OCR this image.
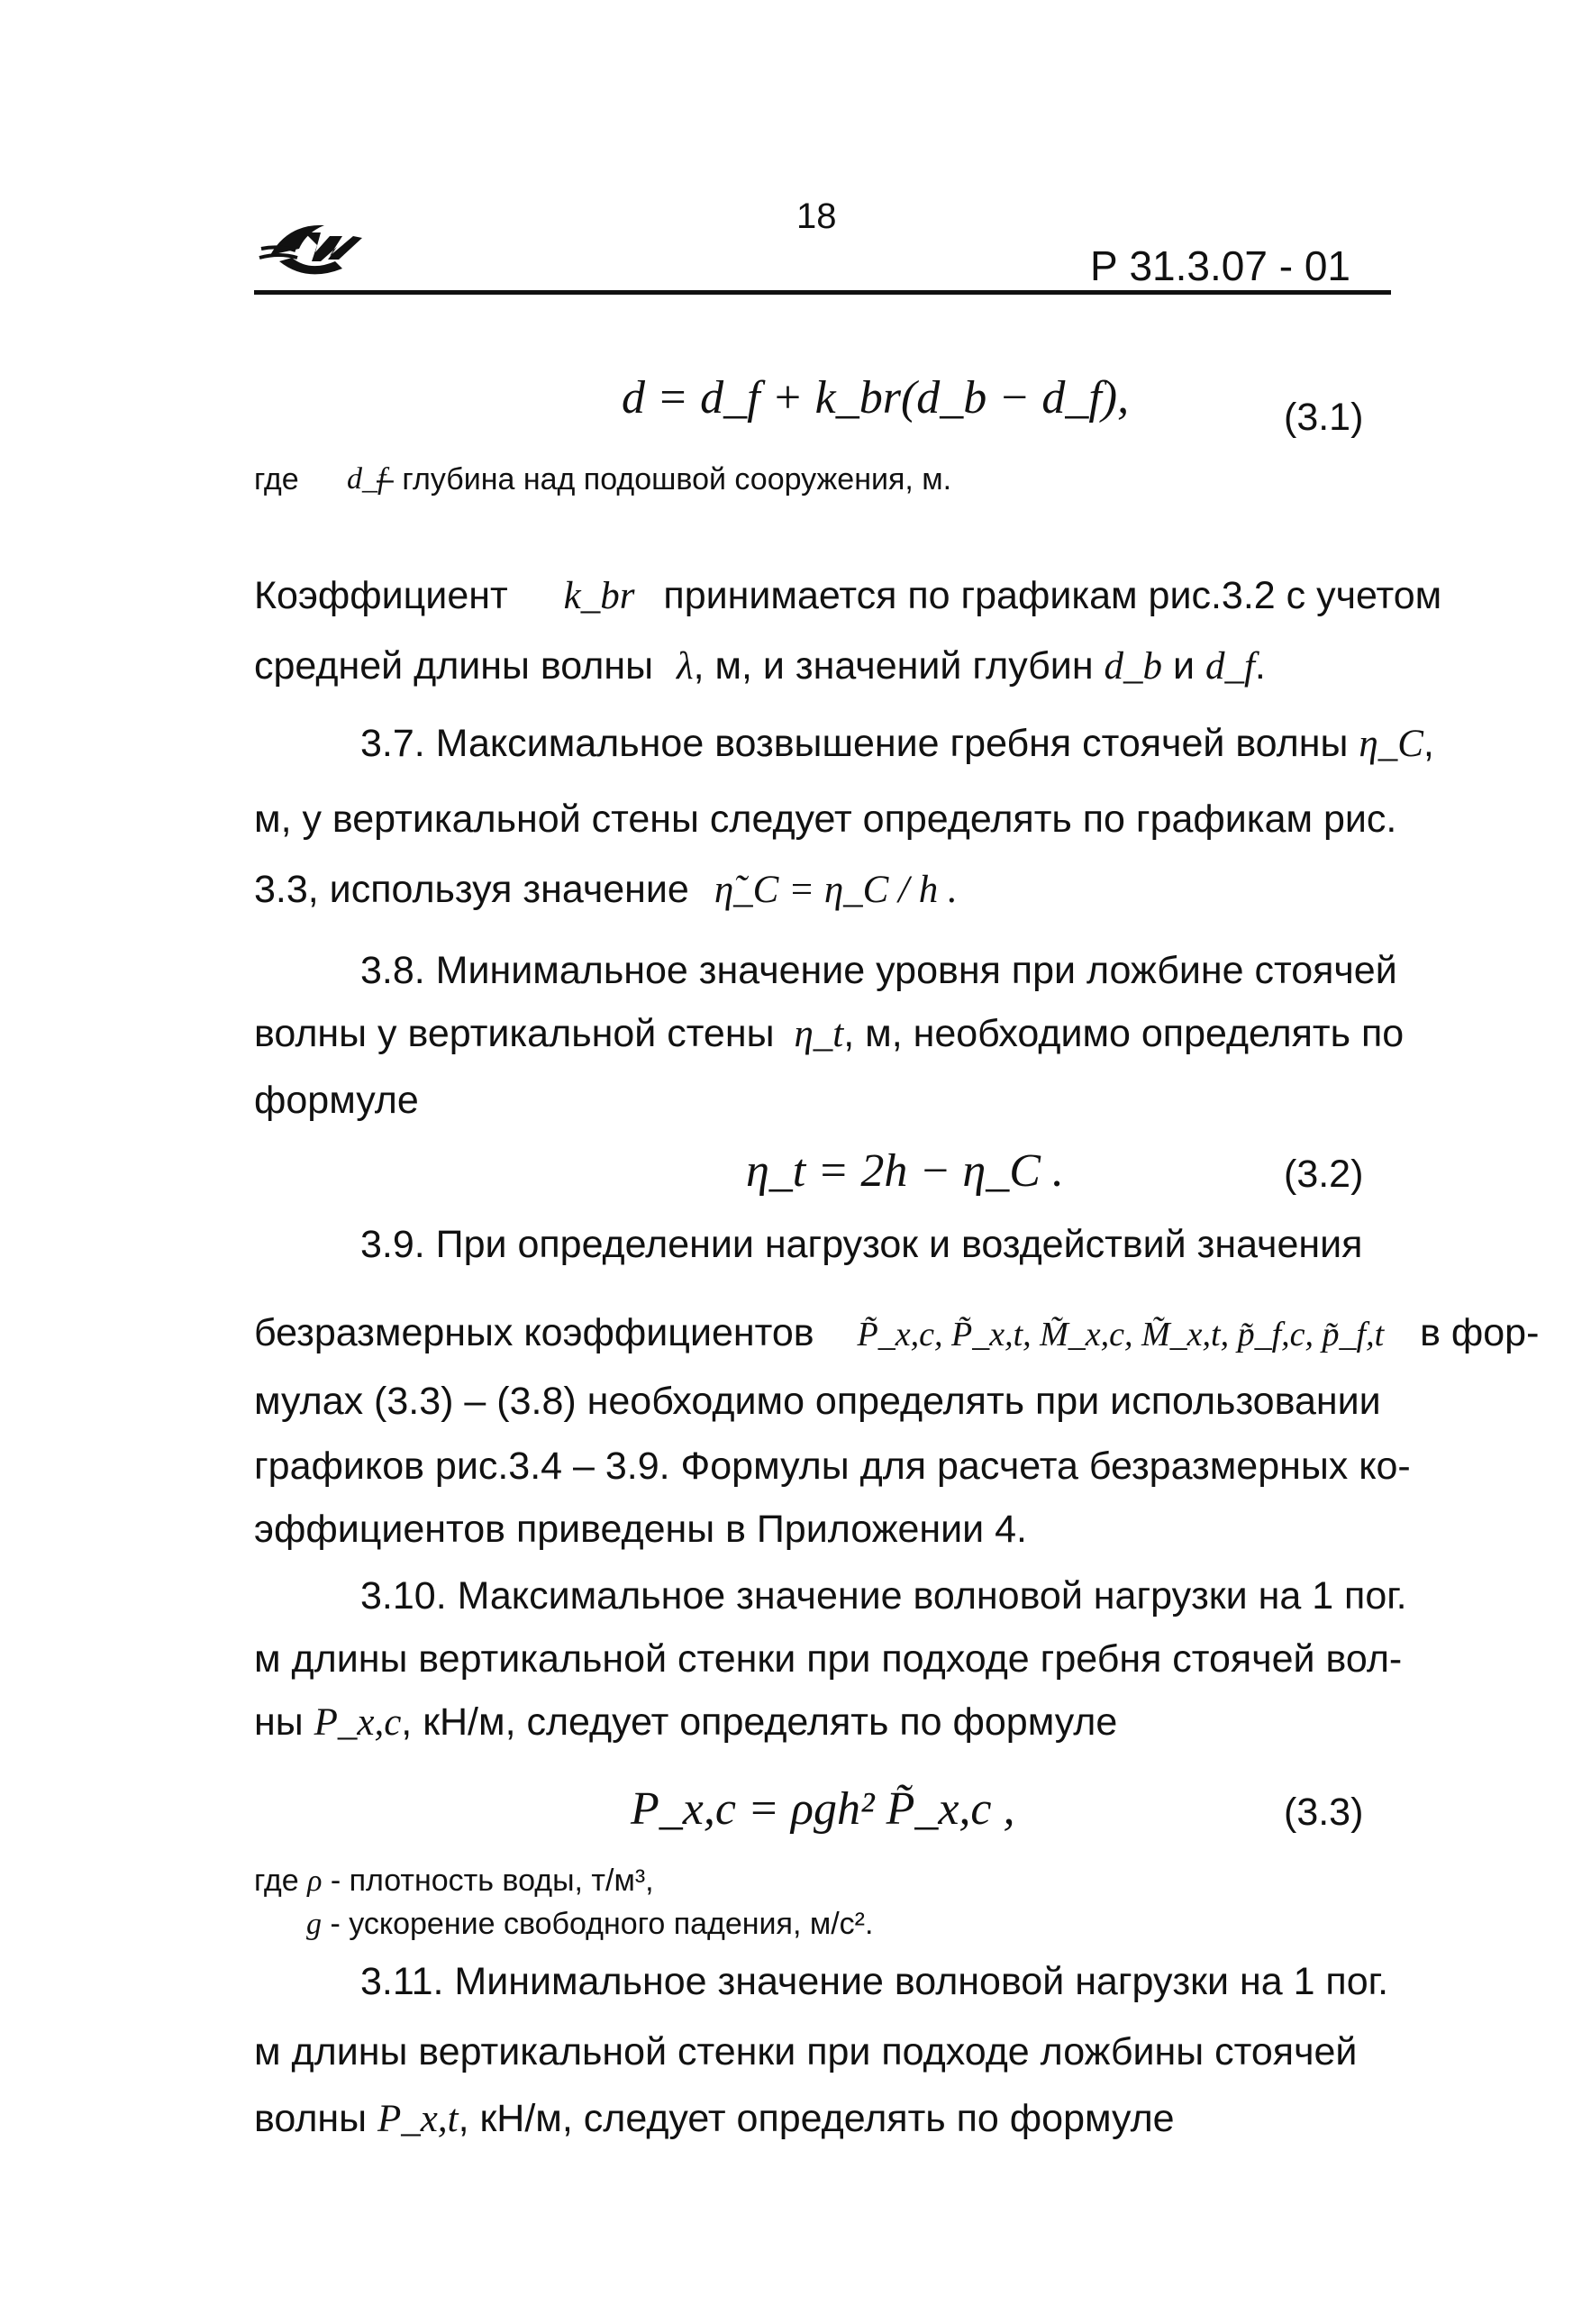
18
Р 31.3.07 - 01
d = d_f + k_br(d_b − d_f),	(3.1)
где d_f
– глубина над подошвой сооружения, м.
Коэффициент k_br принимается по графикам рис.3.2 с учетом
средней длины волны λ, м, и значений глубин d_b и d_f.
3.7. Максимальное возвышение гребня стоячей волны η_C,
м, у вертикальной стены следует определять по графикам рис.
3.3, используя значение η̃_C = η_C / h .
3.8. Минимальное значение уровня при ложбине стоячей
волны у вертикальной стены η_t, м, необходимо определять по
формуле
η_t = 2h − η_C .	(3.2)
3.9. При определении нагрузок и воздействий значения
безразмерных коэффициентов P̃_x,c, P̃_x,t, M̃_x,c, M̃_x,t, p̃_f,c, p̃_f,t в фор-
мулах (3.3) – (3.8) необходимо определять при использовании
графиков рис.3.4 – 3.9. Формулы для расчета безразмерных ко-
эффициентов приведены в Приложении 4.
3.10. Максимальное значение волновой нагрузки на 1 пог.
м длины вертикальной стенки при подходе гребня стоячей вол-
ны P_x,c, кН/м, следует определять по формуле
P_x,c = ρgh² P̃_x,c ,	(3.3)
где ρ - плотность воды, т/м³,
g - ускорение свободного падения, м/с².
3.11. Минимальное значение волновой нагрузки на 1 пог.
м длины вертикальной стенки при подходе ложбины стоячей
волны P_x,t, кН/м, следует определять по формуле
